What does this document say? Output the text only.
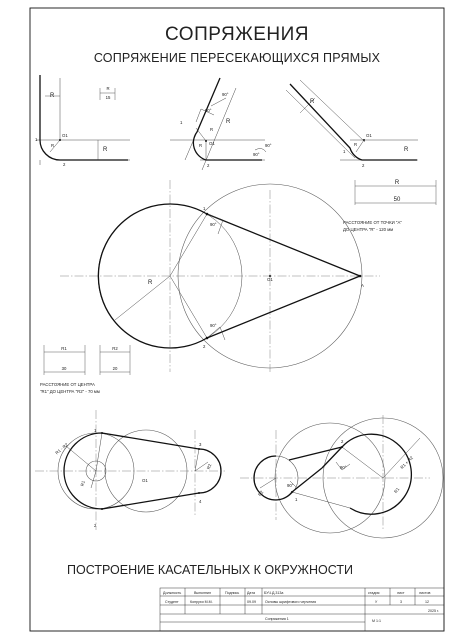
СОПРЯЖЕНИЯ
СОПРЯЖЕНИЕ ПЕРЕСЕКАЮЩИХСЯ ПРЯМЫХ
R
R
R
O1
1
2
R
15
90°
90°
90°
90°
R
R
R
O1
1
2
R
R
R
O1
1
2
R
50
РАССТОЯНИЕ ОТ ТОЧКИ "А"
ДО ЦЕНТРА "R" - 120 мм
R
90°
90°
1
2
O1
A
R1
30
R2
20
РАССТОЯНИЕ ОТ ЦЕНТРА
"R1" ДО ЦЕНТРА "R2" - 70 мм
R1 - R2
R1
R2
O1
1
2
3
4
R1 + R2
R1
R2
90°
90°
2
1
ПОСТРОЕНИЕ КАСАТЕЛЬНЫХ К ОКРУЖНОСТИ
Должность	Выполнил	Подпись Дата	БУЧ.Д.313а
Студент	Копрухи М.М.	09.09	Основы шрифтового черчения
стадия	лист	листов
У	3	12
Сопряжения 1
2025 г.
М 1:1
